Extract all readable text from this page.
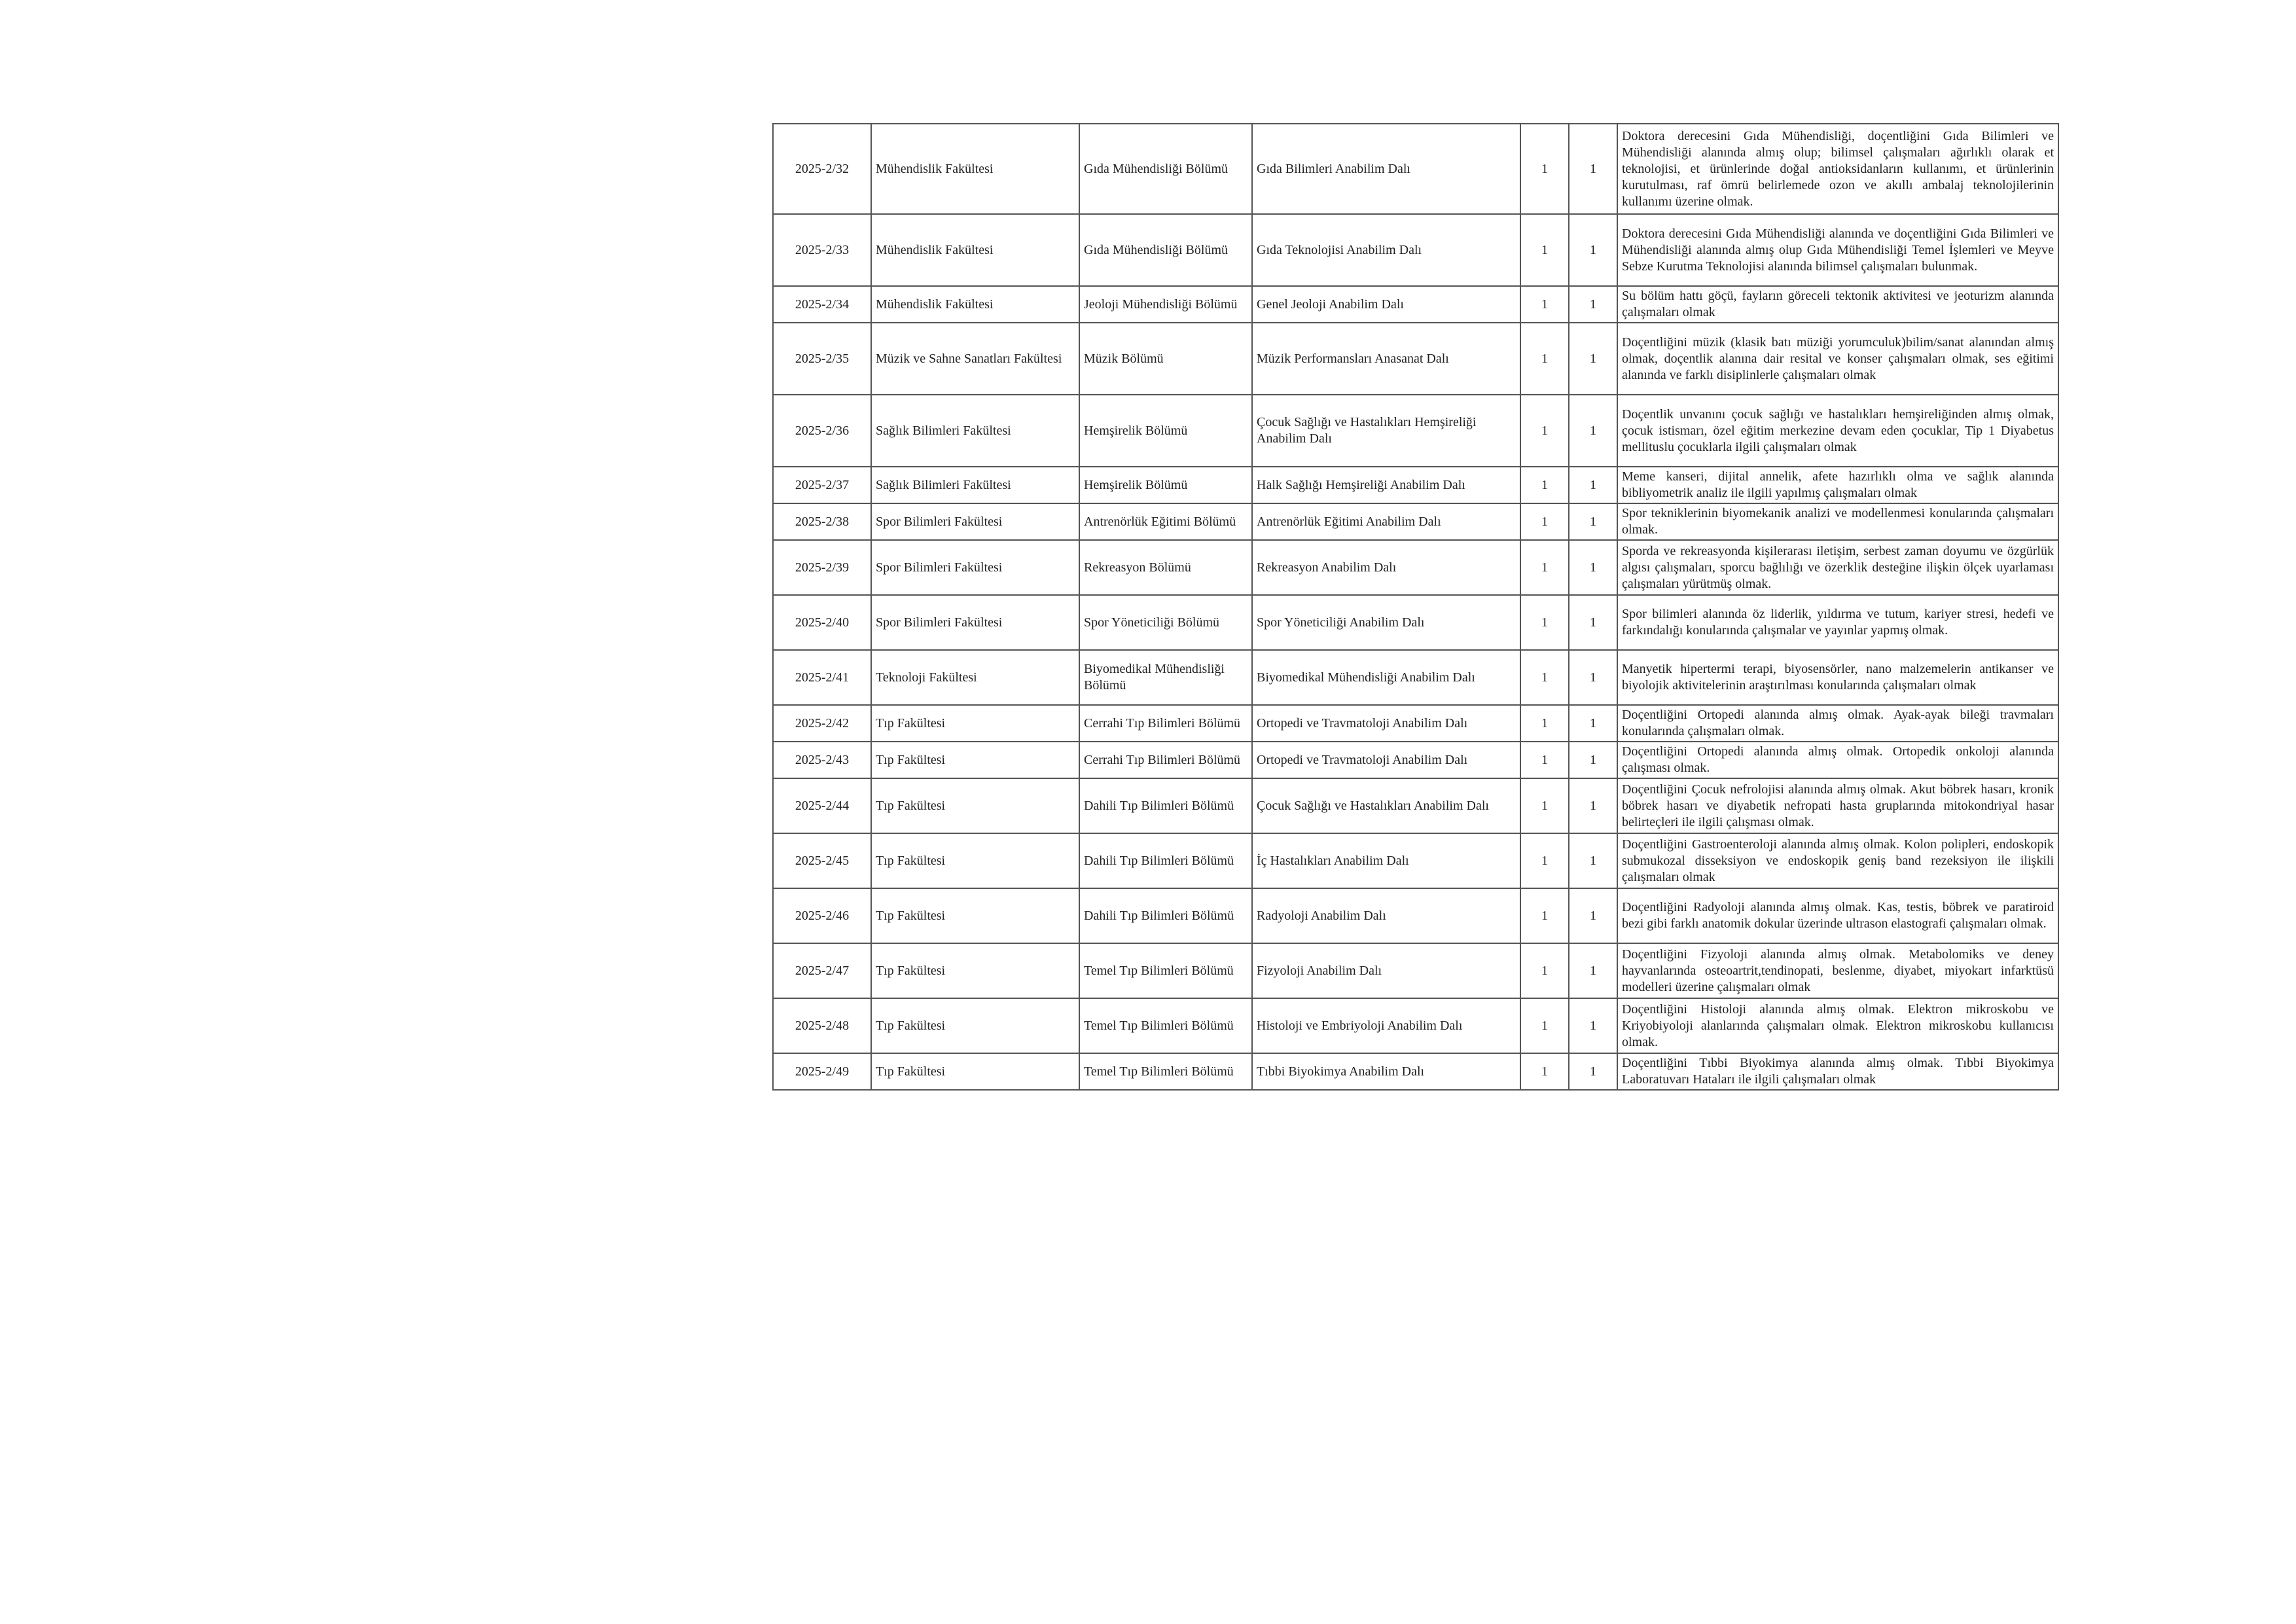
2025-2/32	Mühendislik Fakültesi	Gıda Mühendisliği Bölümü	Gıda Bilimleri Anabilim Dalı	1	1	Doktora derecesini Gıda Mühendisliği, doçentliğini Gıda Bilimleri ve Mühendisliği alanında almış olup; bilimsel çalışmaları ağırlıklı olarak et teknolojisi, et ürünlerinde doğal antioksidanların kullanımı, et ürünlerinin kurutulması, raf ömrü belirlemede ozon ve akıllı ambalaj teknolojilerinin kullanımı üzerine olmak.
2025-2/33	Mühendislik Fakültesi	Gıda Mühendisliği Bölümü	Gıda Teknolojisi Anabilim Dalı	1	1	Doktora derecesini Gıda Mühendisliği alanında ve doçentliğini Gıda Bilimleri ve Mühendisliği alanında almış olup Gıda Mühendisliği Temel İşlemleri ve Meyve Sebze Kurutma Teknolojisi alanında bilimsel çalışmaları bulunmak.
2025-2/34	Mühendislik Fakültesi	Jeoloji Mühendisliği Bölümü	Genel Jeoloji Anabilim Dalı	1	1	Su bölüm hattı göçü, fayların göreceli tektonik aktivitesi ve jeoturizm alanında çalışmaları olmak
2025-2/35	Müzik ve Sahne Sanatları Fakültesi	Müzik Bölümü	Müzik Performansları Anasanat Dalı	1	1	Doçentliğini müzik (klasik batı müziği yorumculuk)bilim/sanat alanından almış olmak, doçentlik alanına dair resital ve konser çalışmaları olmak, ses eğitimi alanında ve farklı disiplinlerle çalışmaları olmak
2025-2/36	Sağlık Bilimleri Fakültesi	Hemşirelik Bölümü	Çocuk Sağlığı ve Hastalıkları Hemşireliği Anabilim Dalı	1	1	Doçentlik unvanını çocuk sağlığı ve hastalıkları hemşireliğinden almış olmak, çocuk istismarı, özel eğitim merkezine devam eden çocuklar, Tip 1 Diyabetus mellituslu çocuklarla ilgili çalışmaları olmak
2025-2/37	Sağlık Bilimleri Fakültesi	Hemşirelik Bölümü	Halk Sağlığı Hemşireliği Anabilim Dalı	1	1	Meme kanseri, dijital annelik, afete hazırlıklı olma ve sağlık alanında bibliyometrik analiz ile ilgili yapılmış çalışmaları olmak
2025-2/38	Spor Bilimleri Fakültesi	Antrenörlük Eğitimi Bölümü	Antrenörlük Eğitimi Anabilim Dalı	1	1	Spor tekniklerinin biyomekanik analizi ve modellenmesi konularında çalışmaları olmak.
2025-2/39	Spor Bilimleri Fakültesi	Rekreasyon Bölümü	Rekreasyon Anabilim Dalı	1	1	Sporda ve rekreasyonda kişilerarası iletişim, serbest zaman doyumu ve özgürlük algısı çalışmaları, sporcu bağlılığı ve özerklik desteğine ilişkin ölçek uyarlaması çalışmaları yürütmüş olmak.
2025-2/40	Spor Bilimleri Fakültesi	Spor Yöneticiliği Bölümü	Spor Yöneticiliği Anabilim Dalı	1	1	Spor bilimleri alanında öz liderlik, yıldırma ve tutum, kariyer stresi, hedefi ve farkındalığı konularında çalışmalar ve yayınlar yapmış olmak.
2025-2/41	Teknoloji Fakültesi	Biyomedikal Mühendisliği Bölümü	Biyomedikal Mühendisliği Anabilim Dalı	1	1	Manyetik hipertermi terapi, biyosensörler, nano malzemelerin antikanser ve biyolojik aktivitelerinin araştırılması konularında çalışmaları olmak
2025-2/42	Tıp Fakültesi	Cerrahi Tıp Bilimleri Bölümü	Ortopedi ve Travmatoloji Anabilim Dalı	1	1	Doçentliğini Ortopedi alanında almış olmak. Ayak-ayak bileği travmaları konularında çalışmaları olmak.
2025-2/43	Tıp Fakültesi	Cerrahi Tıp Bilimleri Bölümü	Ortopedi ve Travmatoloji Anabilim Dalı	1	1	Doçentliğini Ortopedi alanında almış olmak. Ortopedik onkoloji alanında çalışması olmak.
2025-2/44	Tıp Fakültesi	Dahili Tıp Bilimleri Bölümü	Çocuk Sağlığı ve Hastalıkları Anabilim Dalı	1	1	Doçentliğini Çocuk nefrolojisi alanında almış olmak. Akut böbrek hasarı, kronik böbrek hasarı ve diyabetik nefropati hasta gruplarında mitokondriyal hasar belirteçleri ile ilgili çalışması olmak.
2025-2/45	Tıp Fakültesi	Dahili Tıp Bilimleri Bölümü	İç Hastalıkları Anabilim Dalı	1	1	Doçentliğini Gastroenteroloji alanında almış olmak. Kolon polipleri, endoskopik submukozal disseksiyon ve endoskopik geniş band rezeksiyon ile ilişkili çalışmaları olmak
2025-2/46	Tıp Fakültesi	Dahili Tıp Bilimleri Bölümü	Radyoloji Anabilim Dalı	1	1	Doçentliğini Radyoloji alanında almış olmak. Kas, testis, böbrek ve paratiroid bezi gibi farklı anatomik dokular üzerinde ultrason elastografi çalışmaları olmak.
2025-2/47	Tıp Fakültesi	Temel Tıp Bilimleri Bölümü	Fizyoloji Anabilim Dalı	1	1	Doçentliğini Fizyoloji alanında almış olmak. Metabolomiks ve deney hayvanlarında osteoartrit,tendinopati, beslenme, diyabet, miyokart infarktüsü modelleri üzerine çalışmaları olmak
2025-2/48	Tıp Fakültesi	Temel Tıp Bilimleri Bölümü	Histoloji ve Embriyoloji Anabilim Dalı	1	1	Doçentliğini Histoloji alanında almış olmak. Elektron mikroskobu ve Kriyobiyoloji alanlarında çalışmaları olmak. Elektron mikroskobu kullanıcısı olmak.
2025-2/49	Tıp Fakültesi	Temel Tıp Bilimleri Bölümü	Tıbbi Biyokimya Anabilim Dalı	1	1	Doçentliğini Tıbbi Biyokimya alanında almış olmak. Tıbbi Biyokimya Laboratuvarı Hataları ile ilgili çalışmaları olmak
